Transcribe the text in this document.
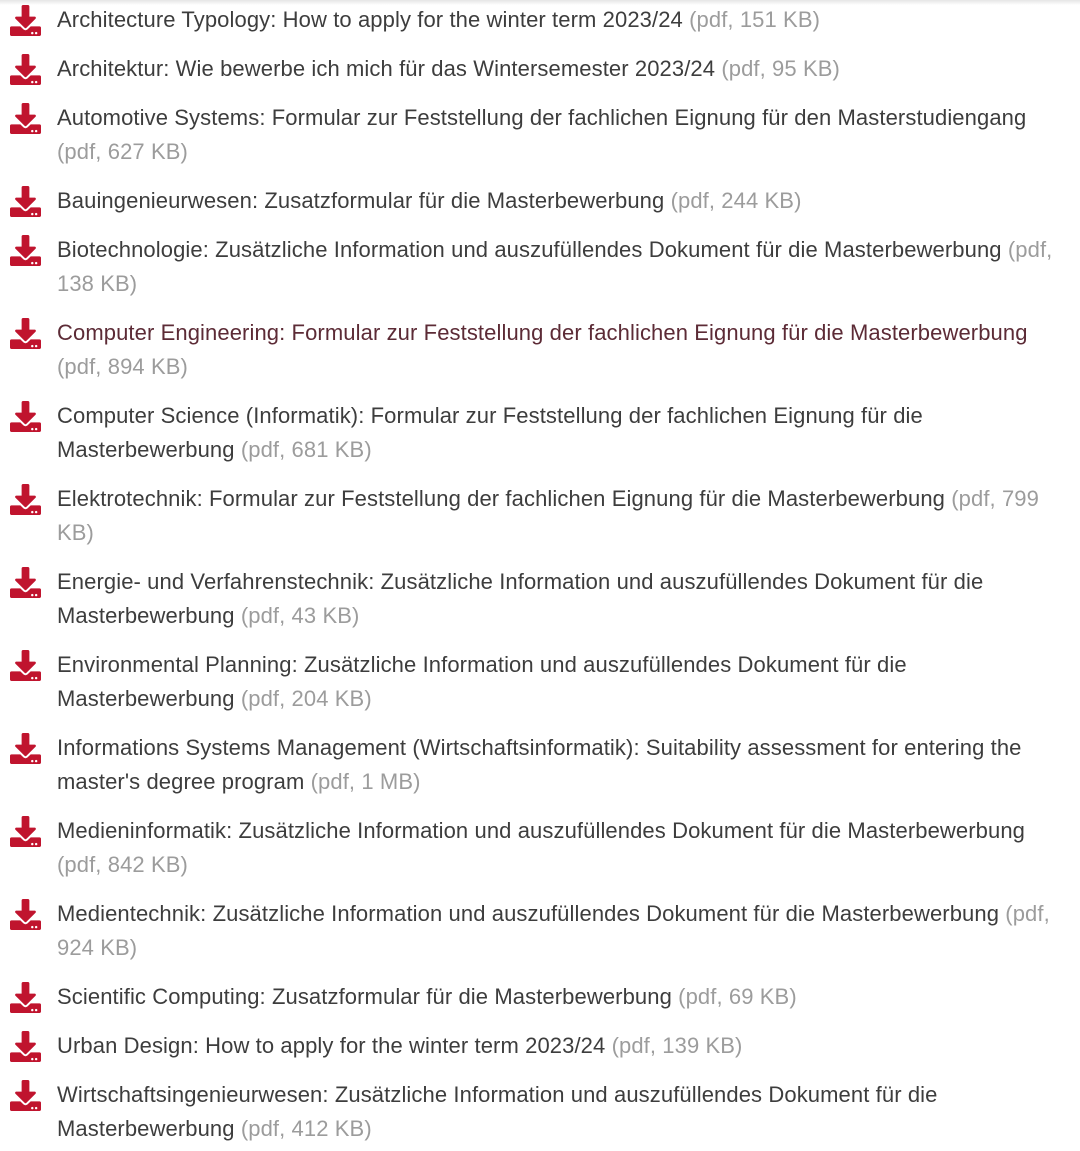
Architecture Typology: How to apply for the winter term 2023/24 (pdf, 151 KB)
Architektur: Wie bewerbe ich mich für das Wintersemester 2023/24 (pdf, 95 KB)
Automotive Systems: Formular zur Feststellung der fachlichen Eignung für den Masterstudiengang (pdf, 627 KB)
Bauingenieurwesen: Zusatzformular für die Masterbewerbung (pdf, 244 KB)
Biotechnologie: Zusätzliche Information und auszufüllendes Dokument für die Masterbewerbung (pdf, 138 KB)
Computer Engineering: Formular zur Feststellung der fachlichen Eignung für die Masterbewerbung (pdf, 894 KB)
Computer Science (Informatik): Formular zur Feststellung der fachlichen Eignung für die Masterbewerbung (pdf, 681 KB)
Elektrotechnik: Formular zur Feststellung der fachlichen Eignung für die Masterbewerbung (pdf, 799 KB)
Energie- und Verfahrenstechnik: Zusätzliche Information und auszufüllendes Dokument für die Masterbewerbung (pdf, 43 KB)
Environmental Planning: Zusätzliche Information und auszufüllendes Dokument für die Masterbewerbung (pdf, 204 KB)
Informations Systems Management (Wirtschaftsinformatik): Suitability assessment for entering the master's degree program (pdf, 1 MB)
Medieninformatik: Zusätzliche Information und auszufüllendes Dokument für die Masterbewerbung (pdf, 842 KB)
Medientechnik: Zusätzliche Information und auszufüllendes Dokument für die Masterbewerbung (pdf, 924 KB)
Scientific Computing: Zusatzformular für die Masterbewerbung (pdf, 69 KB)
Urban Design: How to apply for the winter term 2023/24 (pdf, 139 KB)
Wirtschaftsingenieurwesen: Zusätzliche Information und auszufüllendes Dokument für die Masterbewerbung (pdf, 412 KB)
